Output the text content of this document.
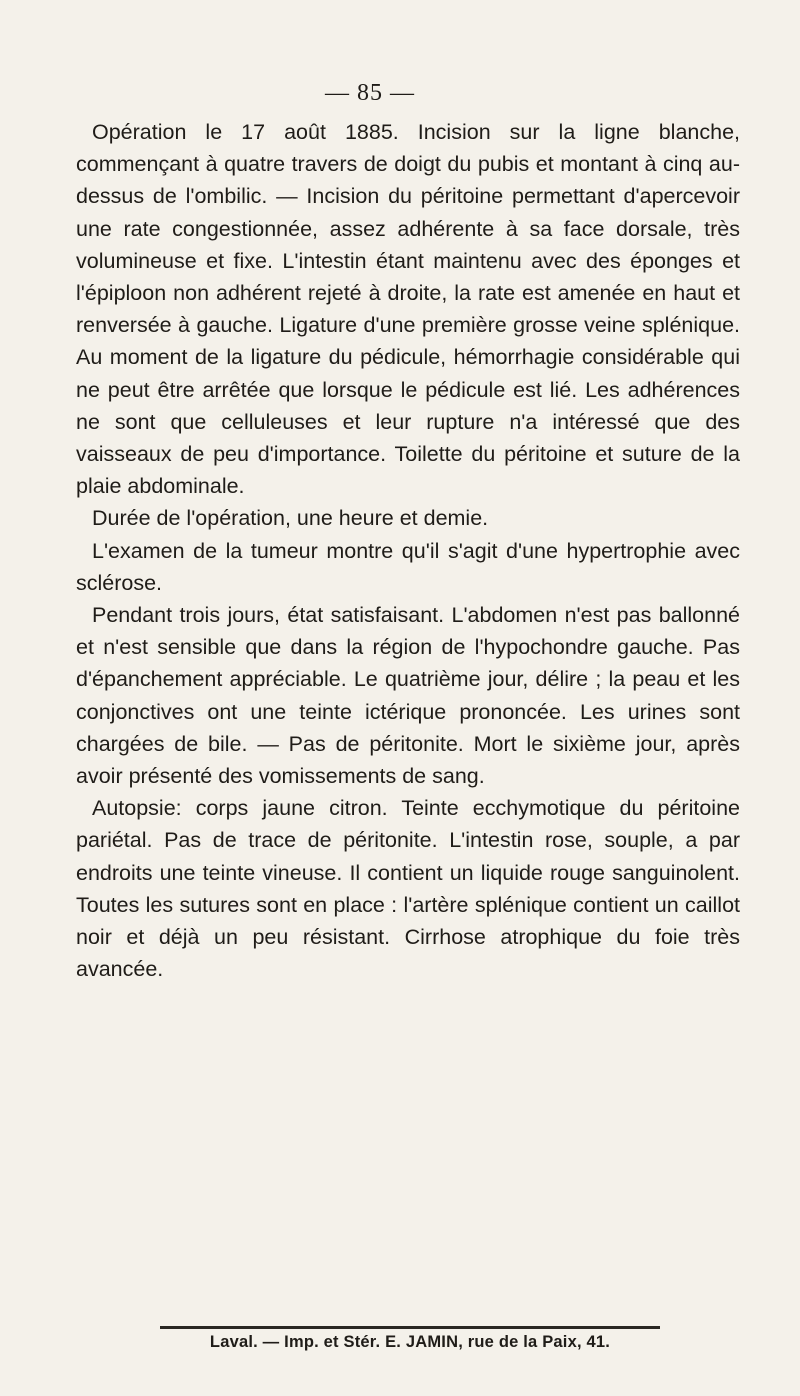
— 85 —

Opération le 17 août 1885. Incision sur la ligne blanche, commençant à quatre travers de doigt du pubis et montant à cinq au-dessus de l'ombilic. — Incision du péritoine permettant d'apercevoir une rate congestionnée, assez adhérente à sa face dorsale, très volumineuse et fixe. L'intestin étant maintenu avec des éponges et l'épiploon non adhérent rejeté à droite, la rate est amenée en haut et renversée à gauche. Ligature d'une première grosse veine splénique. Au moment de la ligature du pédicule, hémorrhagie considérable qui ne peut être arrêtée que lorsque le pédicule est lié. Les adhérences ne sont que celluleuses et leur rupture n'a intéressé que des vaisseaux de peu d'importance. Toilette du péritoine et suture de la plaie abdominale.

Durée de l'opération, une heure et demie.

L'examen de la tumeur montre qu'il s'agit d'une hypertrophie avec sclérose.

Pendant trois jours, état satisfaisant. L'abdomen n'est pas ballonné et n'est sensible que dans la région de l'hypochondre gauche. Pas d'épanchement appréciable. Le quatrième jour, délire ; la peau et les conjonctives ont une teinte ictérique prononcée. Les urines sont chargées de bile. — Pas de péritonite. Mort le sixième jour, après avoir présenté des vomissements de sang.

Autopsie: corps jaune citron. Teinte ecchymotique du péritoine pariétal. Pas de trace de péritonite. L'intestin rose, souple, a par endroits une teinte vineuse. Il contient un liquide rouge sanguinolent. Toutes les sutures sont en place : l'artère splénique contient un caillot noir et déjà un peu résistant. Cirrhose atrophique du foie très avancée.

Laval. — Imp. et Stér. E. JAMIN, rue de la Paix, 41.
